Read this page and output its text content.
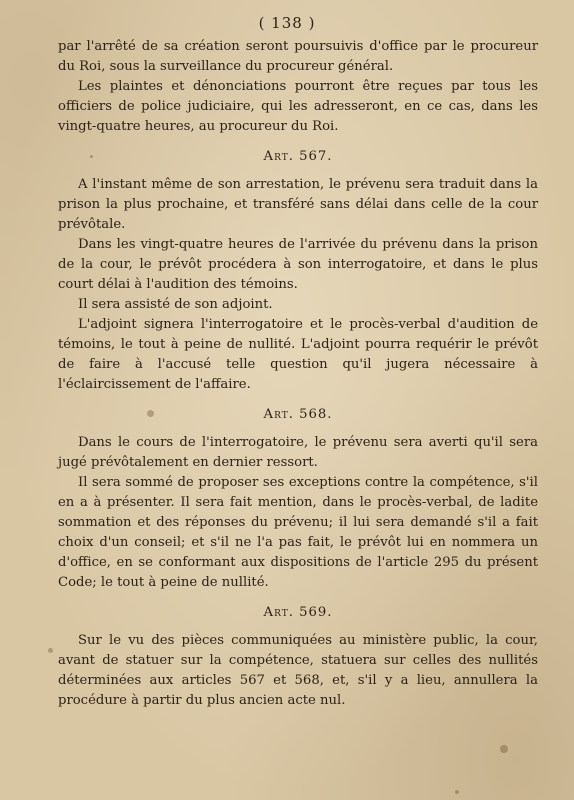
( 138 )

par l'arrêté de sa création seront poursuivis d'office par le procureur du Roi, sous la surveillance du procureur général.

Les plaintes et dénonciations pourront être reçues par tous les officiers de police judiciaire, qui les adresseront, en ce cas, dans les vingt-quatre heures, au procureur du Roi.

Art. 567.

A l'instant même de son arrestation, le prévenu sera traduit dans la prison la plus prochaine, et transféré sans délai dans celle de la cour prévôtale.

Dans les vingt-quatre heures de l'arrivée du prévenu dans la prison de la cour, le prévôt procédera à son interrogatoire, et dans le plus court délai à l'audition des témoins.

Il sera assisté de son adjoint.

L'adjoint signera l'interrogatoire et le procès-verbal d'audition de témoins, le tout à peine de nullité. L'adjoint pourra requérir le prévôt de faire à l'accusé telle question qu'il jugera nécessaire à l'éclaircissement de l'affaire.

Art. 568.

Dans le cours de l'interrogatoire, le prévenu sera averti qu'il sera jugé prévôtalement en dernier ressort.

Il sera sommé de proposer ses exceptions contre la compétence, s'il en a à présenter. Il sera fait mention, dans le procès-verbal, de ladite sommation et des réponses du prévenu; il lui sera demandé s'il a fait choix d'un conseil; et s'il ne l'a pas fait, le prévôt lui en nommera un d'office, en se conformant aux dispositions de l'article 295 du présent Code; le tout à peine de nullité.

Art. 569.

Sur le vu des pièces communiquées au ministère public, la cour, avant de statuer sur la compétence, statuera sur celles des nullités déterminées aux articles 567 et 568, et, s'il y a lieu, annullera la procédure à partir du plus ancien acte nul.
